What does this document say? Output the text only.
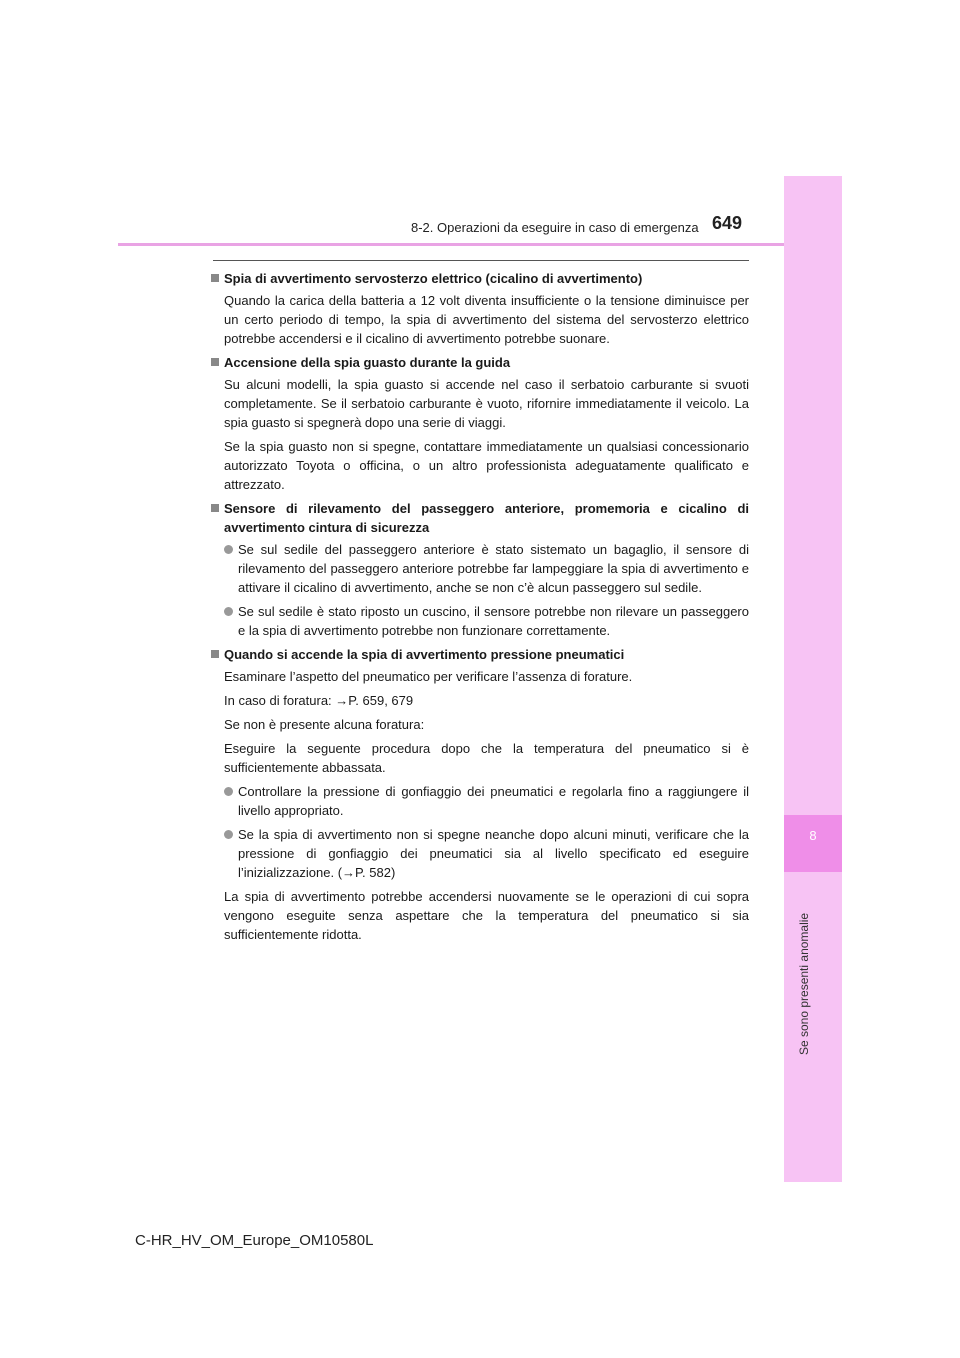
8
Se sono presenti anomalie
8-2. Operazioni da eseguire in caso di emergenza 649
Spia di avvertimento servosterzo elettrico (cicalino di avvertimento)

Quando la carica della batteria a 12 volt diventa insufficiente o la tensione diminuisce per un certo periodo di tempo, la spia di avvertimento del sistema del servosterzo elettrico potrebbe accendersi e il cicalino di avvertimento potrebbe suonare.

Accensione della spia guasto durante la guida

Su alcuni modelli, la spia guasto si accende nel caso il serbatoio carburante si svuoti completamente. Se il serbatoio carburante è vuoto, rifornire immediatamente il veicolo. La spia guasto si spegnerà dopo una serie di viaggi.

Se la spia guasto non si spegne, contattare immediatamente un qualsiasi concessionario autorizzato Toyota o officina, o un altro professionista adeguatamente qualificato e attrezzato.

Sensore di rilevamento del passeggero anteriore, promemoria e cicalino di avvertimento cintura di sicurezza
Se sul sedile del passeggero anteriore è stato sistemato un bagaglio, il sensore di rilevamento del passeggero anteriore potrebbe far lampeggiare la spia di avvertimento e attivare il cicalino di avvertimento, anche se non c’è alcun passeggero sul sedile.
Se sul sedile è stato riposto un cuscino, il sensore potrebbe non rilevare un passeggero e la spia di avvertimento potrebbe non funzionare correttamente.
Quando si accende la spia di avvertimento pressione pneumatici

Esaminare l’aspetto del pneumatico per verificare l’assenza di forature.

In caso di foratura: →P. 659, 679

Se non è presente alcuna foratura:

Eseguire la seguente procedura dopo che la temperatura del pneumatico si è sufficientemente abbassata.

Controllare la pressione di gonfiaggio dei pneumatici e regolarla fino a raggiungere il livello appropriato.
Se la spia di avvertimento non si spegne neanche dopo alcuni minuti, verificare che la pressione di gonfiaggio dei pneumatici sia al livello specificato ed eseguire l’inizializzazione. (→P. 582)

La spia di avvertimento potrebbe accendersi nuovamente se le operazioni di cui sopra vengono eseguite senza aspettare che la temperatura del pneumatico si sia sufficientemente ridotta.

C-HR_HV_OM_Europe_OM10580L
